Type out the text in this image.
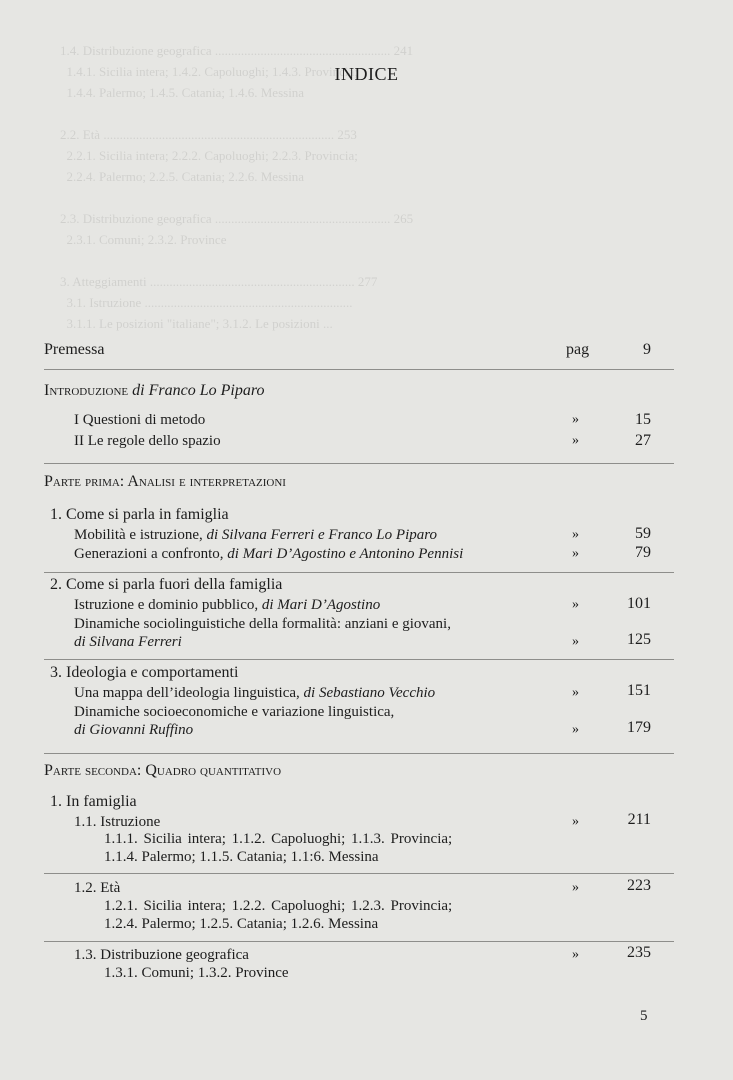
1.4. Distribuzione geografica ...................................................... 241
1.4.1. Sicilia intera; 1.4.2. Capoluoghi; 1.4.3. Provincia;
1.4.4. Palermo; 1.4.5. Catania; 1.4.6. Messina

2.2. Età ....................................................................... 253
2.2.1. Sicilia intera; 2.2.2. Capoluoghi; 2.2.3. Provincia;
2.2.4. Palermo; 2.2.5. Catania; 2.2.6. Messina

2.3. Distribuzione geografica ...................................................... 265
2.3.1. Comuni; 2.3.2. Province

3. Atteggiamenti ............................................................... 277
3.1. Istruzione ................................................................
3.1.1. Le posizioni "italiane"; 3.1.2. Le posizioni ...
INDICE
Premessa	pag	9
Introduzione di Franco Lo Piparo
I Questioni di metodo	»	15
II Le regole dello spazio	»	27
Parte prima: Analisi e interpretazioni
1. Come si parla in famiglia
Mobilità e istruzione, di Silvana Ferreri e Franco Lo Piparo	»	59
Generazioni a confronto, di Mari D’Agostino e Antonino Pennisi	»	79
2. Come si parla fuori della famiglia
Istruzione e dominio pubblico, di Mari D’Agostino	»	101
Dinamiche sociolinguistiche della formalità: anziani e giovani,
di Silvana Ferreri	»	125
3. Ideologia e comportamenti
Una mappa dell’ideologia linguistica, di Sebastiano Vecchio	»	151
Dinamiche socioeconomiche e variazione linguistica,
di Giovanni Ruffino	»	179
Parte seconda: Quadro quantitativo
1. In famiglia
1.1. Istruzione	»	211
1.1.1. Sicilia intera; 1.1.2. Capoluoghi; 1.1.3. Provincia;
1.1.4. Palermo; 1.1.5. Catania; 1.1:6. Messina
1.2. Età	»	223
1.2.1. Sicilia intera; 1.2.2. Capoluoghi; 1.2.3. Provincia;
1.2.4. Palermo; 1.2.5. Catania; 1.2.6. Messina
1.3. Distribuzione geografica	»	235
1.3.1. Comuni; 1.3.2. Province
5
